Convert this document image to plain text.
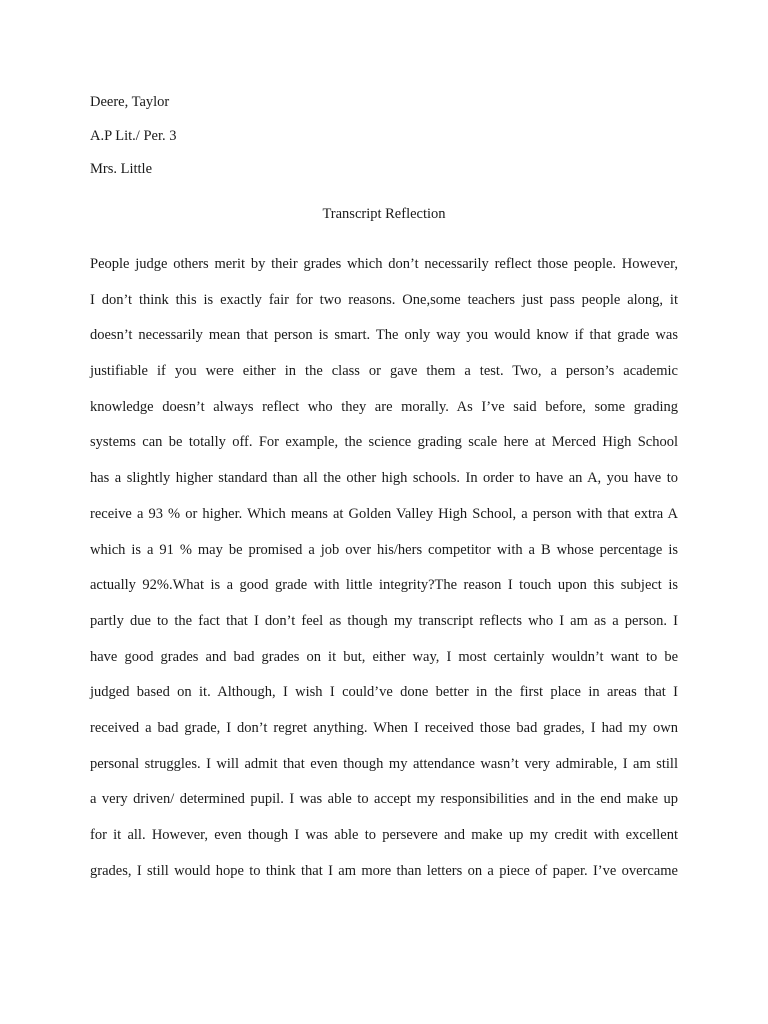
Deere, Taylor
A.P Lit./ Per. 3
Mrs. Little
Transcript Reflection
People judge others merit by their grades which don’t necessarily reflect those people. However,
I don’t think this is exactly fair for two reasons. One,some teachers just pass people along, it
doesn’t necessarily mean that person is smart. The only way you would know if that grade was
justifiable if you were either in the class or gave them a test. Two, a person’s academic
knowledge doesn’t always reflect who they are morally. As I’ve said before, some grading
systems can be totally off. For example, the science grading scale here at Merced High School
has a slightly higher standard than all the other high schools. In order to have an A, you have to
receive a 93 % or higher. Which means at Golden Valley High School, a person with that extra A
which is a 91 % may be promised a job over his/hers competitor with a B whose percentage is
actually 92%.What is a good grade with little integrity?The reason I touch upon this subject is
partly due to the fact that I don’t feel as though my transcript reflects who I am as a person. I
have good grades and bad grades on it but, either way, I most certainly wouldn’t want to be
judged based on it. Although, I wish I could’ve done better in the first place in areas that I
received a bad grade, I don’t regret anything. When I received those bad grades, I had my own
personal struggles. I will admit that even though my attendance wasn’t very admirable, I am still
a very driven/ determined pupil. I was able to accept my responsibilities and in the end make up
for it all. However, even though I was able to persevere and make up my credit with excellent
grades, I still would hope to think that I am more than letters on a piece of paper. I’ve overcame
